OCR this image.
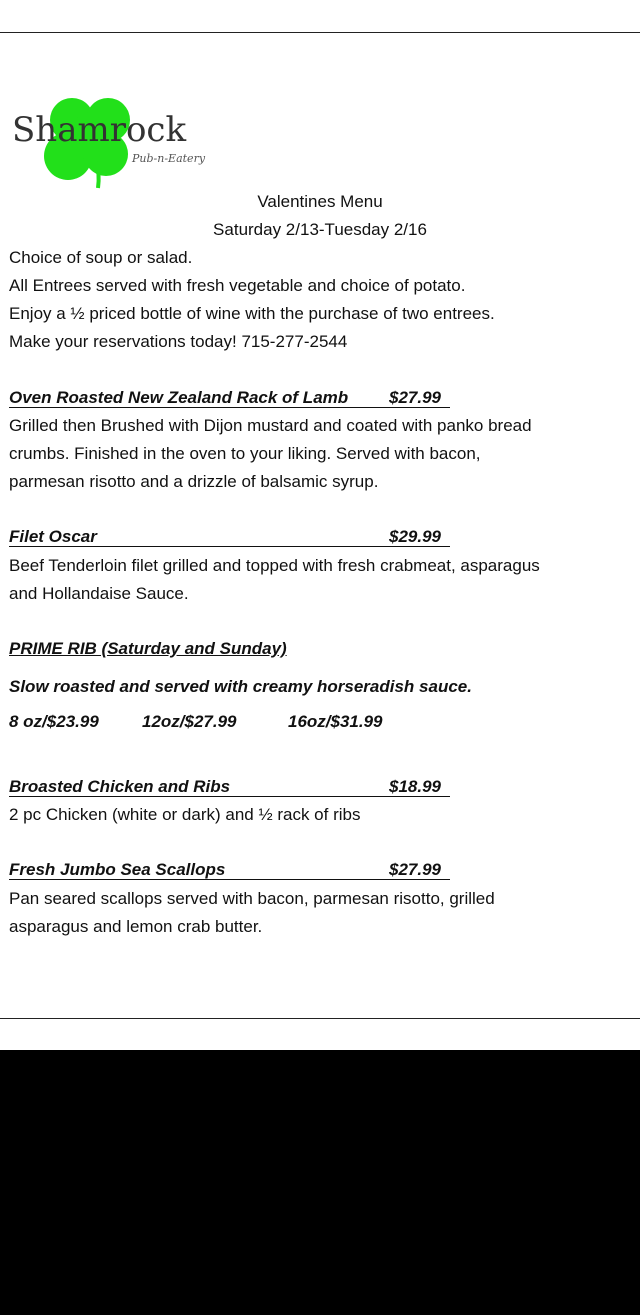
Shamrock
Pub-n-Eatery
Valentines Menu
Saturday 2/13-Tuesday 2/16
Choice of soup or salad.
All Entrees served with fresh vegetable and choice of potato.
Enjoy a ½ priced bottle of wine with the purchase of two entrees.
Make your reservations today! 715-277-2544
Oven Roasted New Zealand Rack of Lamb $27.99
Grilled then Brushed with Dijon mustard and coated with panko bread
crumbs. Finished in the oven to your liking. Served with bacon,
parmesan risotto and a drizzle of balsamic syrup.
Filet Oscar	$29.99
Beef Tenderloin filet grilled and topped with fresh crabmeat, asparagus
and Hollandaise Sauce.
PRIME RIB (Saturday and Sunday)
Slow roasted and served with creamy horseradish sauce.
8 oz/$23.99	12oz/$27.99	16oz/$31.99
Broasted Chicken and Ribs	$18.99
2 pc Chicken (white or dark) and ½ rack of ribs
Fresh Jumbo Sea Scallops	$27.99
Pan seared scallops served with bacon, parmesan risotto, grilled
asparagus and lemon crab butter.
